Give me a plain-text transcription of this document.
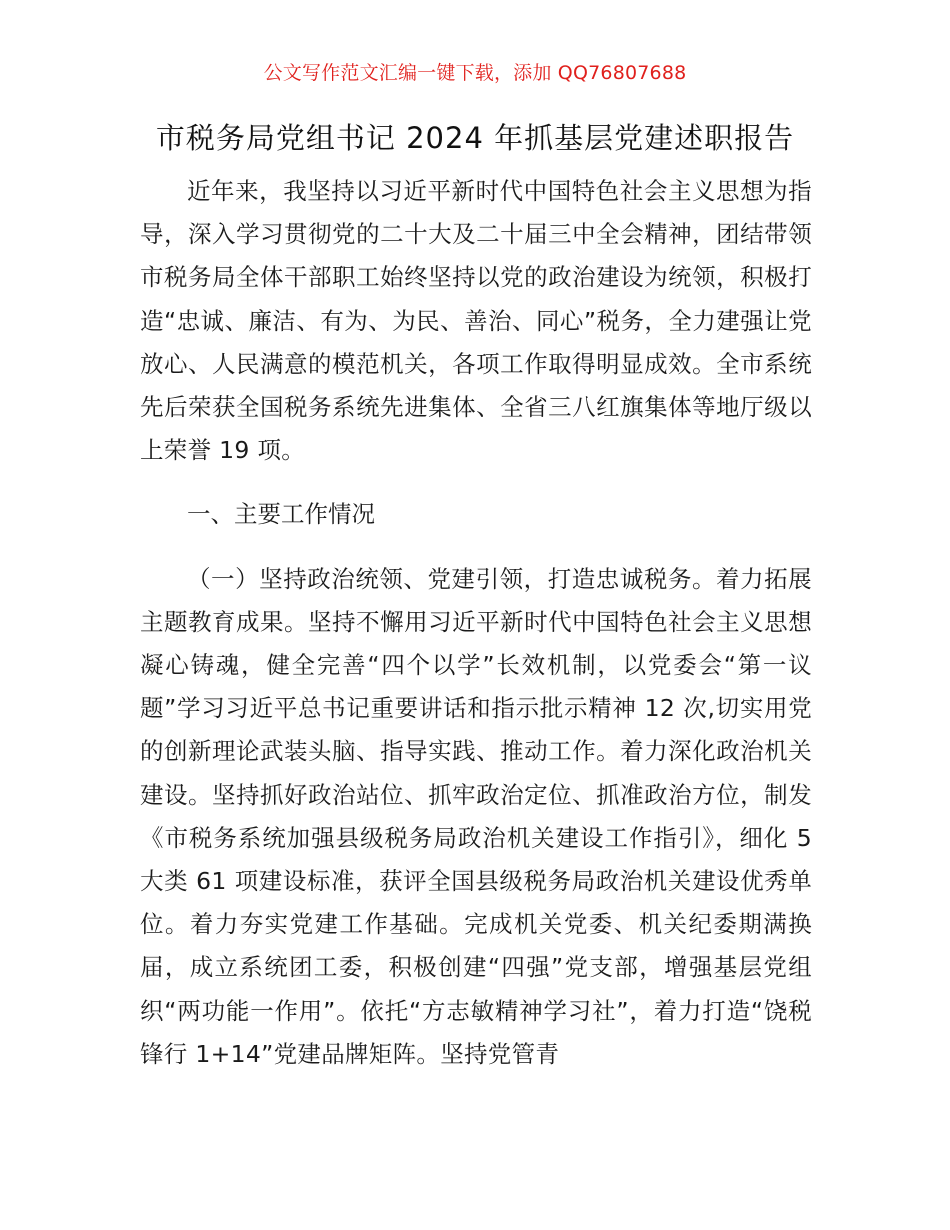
公文写作范文汇编一键下载，添加 QQ76807688
市税务局党组书记 2024 年抓基层党建述职报告

近年来，我坚持以习近平新时代中国特色社会主义思想为指导，深入学习贯彻党的二十大及二十届三中全会精神，团结带领市税务局全体干部职工始终坚持以党的政治建设为统领，积极打造“忠诚、廉洁、有为、为民、善治、同心”税务，全力建强让党放心、人民满意的模范机关，各项工作取得明显成效。全市系统先后荣获全国税务系统先进集体、全省三八红旗集体等地厅级以上荣誉 19 项。

一、主要工作情况

（一）坚持政治统领、党建引领，打造忠诚税务。着力拓展主题教育成果。坚持不懈用习近平新时代中国特色社会主义思想凝心铸魂，健全完善“四个以学”长效机制，以党委会“第一议题”学习习近平总书记重要讲话和指示批示精神 12 次,切实用党的创新理论武装头脑、指导实践、推动工作。着力深化政治机关建设。坚持抓好政治站位、抓牢政治定位、抓准政治方位，制发《市税务系统加强县级税务局政治机关建设工作指引》，细化 5 大类 61 项建设标准，获评全国县级税务局政治机关建设优秀单位。着力夯实党建工作基础。完成机关党委、机关纪委期满换届，成立系统团工委，积极创建“四强”党支部，增强基层党组织“两功能一作用”。依托“方志敏精神学习社”，着力打造“饶税锋行 1+14”党建品牌矩阵。坚持党管青
